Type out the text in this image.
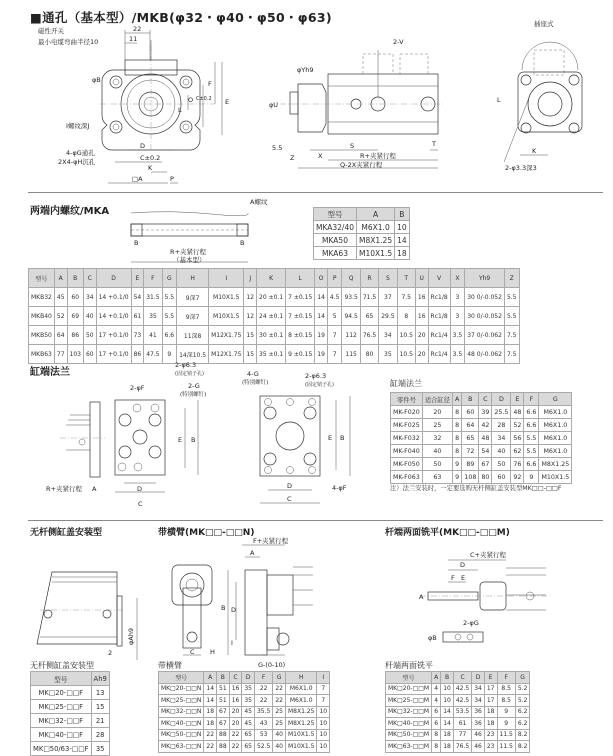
■通孔（基本型）/MKB(φ32・φ40・φ50・φ63)
磁性开关
最小电缆弯曲半径10
22
11
φB	F
E
C±0.2
O
L
I螺纹深J
4-φG通孔
2X4-φH沉孔
D
C±0.2
K
□A	P
φYh9
2-V
φU
5.5	S	T
Z	X	R+夹紧行程
Q-2X夹紧行程
插座式
L
K
2-φ3.3深3
两端内螺纹/MKA
A螺纹
B	B
R+夹紧行程
（基本型）
型号	A	B
MKA32/40	M6X1.0	10
MKA50	M8X1.25	14
MKA63	M10X1.5	18
型号	A	B	C	D	E	F	G	H	I	J	K	L	O	P	Q	R	S	T	U	V	X	Yh9	Z
MKB32	45	60	34	14 +0.1/0	54	31.5	5.5	9深7	M10X1.5	12	20 ±0.1	7 ±0.15	14	4.5	93.5	71.5	37	7.5	16	Rc1/8	3	30 0/-0.052	5.5
MKB40	52	69	40	14 +0.1/0	61	35	5.5	9深7	M10X1.5	12	24 ±0.1	7 ±0.15	14	5	94.5	65	29.5	8	16	Rc1/8	3	30 0/-0.052	5.5
MKB50	64	86	50	17 +0.1/0	73	41	6.6	11深8	M12X1.75	15	30 ±0.1	8 ±0.15	19	7	112	76.5	34	10.5	20	Rc1/4	3.5	37 0/-0.062	7.5
MKB63	77	103	60	17 +0.1/0	86	47.5	9	14深10.5	M12X1.75	15	35 ±0.1	9 ±0.15	19	7	115	80	35	10.5	20	Rc1/4	3.5	48 0/-0.062	7.5
缸端法兰
R+夹紧行程 A
2-φ6.3
(固定销子孔)
2-φF	2-G
(特别螺钉)
E B
D
C
4-G
(特别螺钉)
2-φ6.3
(固定销子孔)
E B
D
C
4-φF
缸端法兰
零件号	适合缸径	A	B	C	D	E	F	G
MK-F020	20	8	60	39	25.5	48	6.6	M6X1.0
MK-F025	25	8	64	42	28	52	6.6	M6X1.0
MK-F032	32	8	65	48	34	56	5.5	M6X1.0
MK-F040	40	8	72	54	40	62	5.5	M6X1.0
MK-F050	50	9	89	67	50	76	6.6	M8X1.25
MK-F063	63	9	108	80	60	92	9	M10X1.5
注）法兰安装时，一定要选购无杆侧缸盖安装型MK□□-□□F
无杆侧缸盖安装型	带横臂(MK□□-□□N)	杆端两面铣平(MK□□-□□M)
φAh9
2
F+夹紧行程
A
B D
I
C H
G-(0-10)
C+夹紧行程
D
F E
A
2-φG
φB
无杆侧缸盖安装型
型号	Ah9
MK□20-□□F	13
MK□25-□□F	15
MK□32-□□F	21
MK□40-□□F	28
MK□50/63-□□F	35
带横臂
型号	A	B	C	D	F	G	H	I
MK□20-□□N	14	51	16	35	22	22	M6X1.0	7
MK□25-□□N	14	51	16	35	22	22	M6X1.0	7
MK□32-□□N	18	67	20	45	35.5	25	M8X1.25	10
MK□40-□□N	18	67	20	45	43	25	M8X1.25	10
MK□50-□□N	22	88	22	65	53	40	M10X1.5	10
MK□63-□□N	22	88	22	65	52.5	40	M10X1.5	10
杆端两面铣平
型号	A	B	C	D	E	F	G
MK□20-□□M	4	10	42.5	34	17	8.5	5.2
MK□25-□□M	4	10	42.5	34	17	8.5	5.2
MK□32-□□M	6	14	53.5	36	18	9	6.2
MK□40-□□M	6	14	61	36	18	9	6.2
MK□50-□□M	8	18	77	46	23	11.5	8.2
MK□63-□□M	8	18	76.5	46	23	11.5	8.2
